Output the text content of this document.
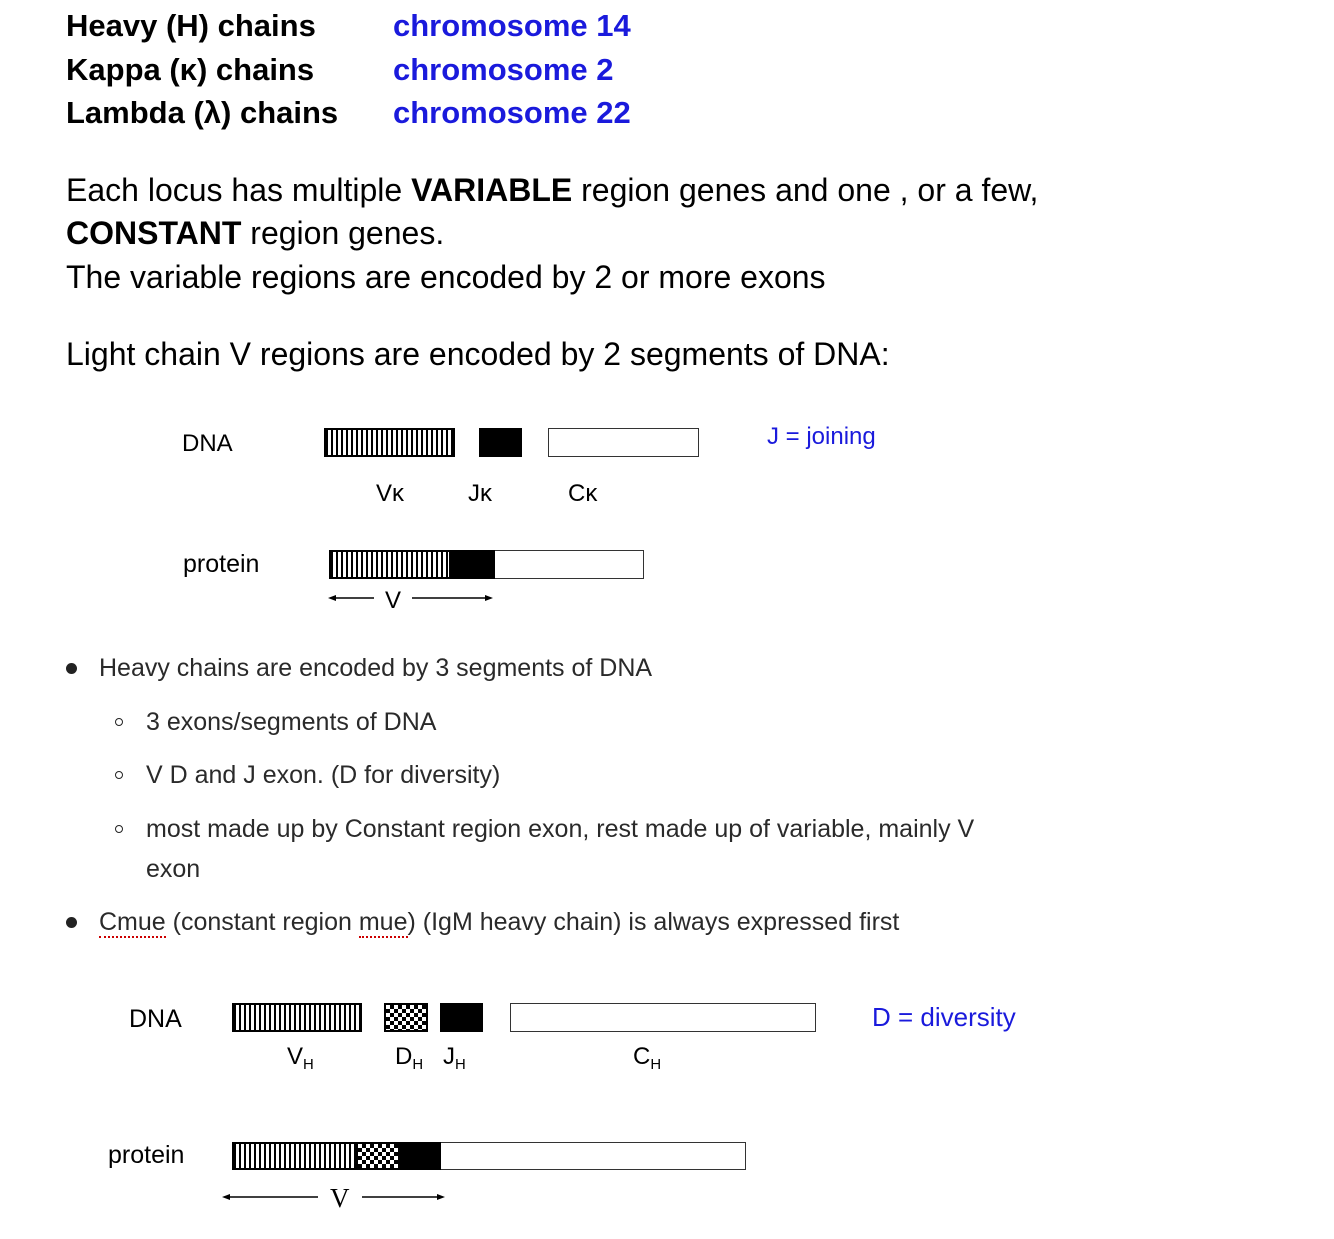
Heavy (H) chains chromosome 14
Kappa (κ) chains	chromosome 2
Lambda (λ) chains chromosome 22
Each locus has multiple VARIABLE region genes and one , or a few,
CONSTANT region genes.
The variable regions are encoded by 2 or more exons
Light chain V regions are encoded by 2 segments of DNA:
DNA	J = joining
Vκ	Jκ	Cκ
protein
V
Heavy chains are encoded by 3 segments of DNA
3 exons/segments of DNA
V D and J exon. (D for diversity)
most made up by Constant region exon, rest made up of variable, mainly V
exon
Cmue (constant region mue) (IgM heavy chain) is always expressed first
DNA	D = diversity
$V_H$	$D_H$ $J_H$	$C_H$
protein
V
